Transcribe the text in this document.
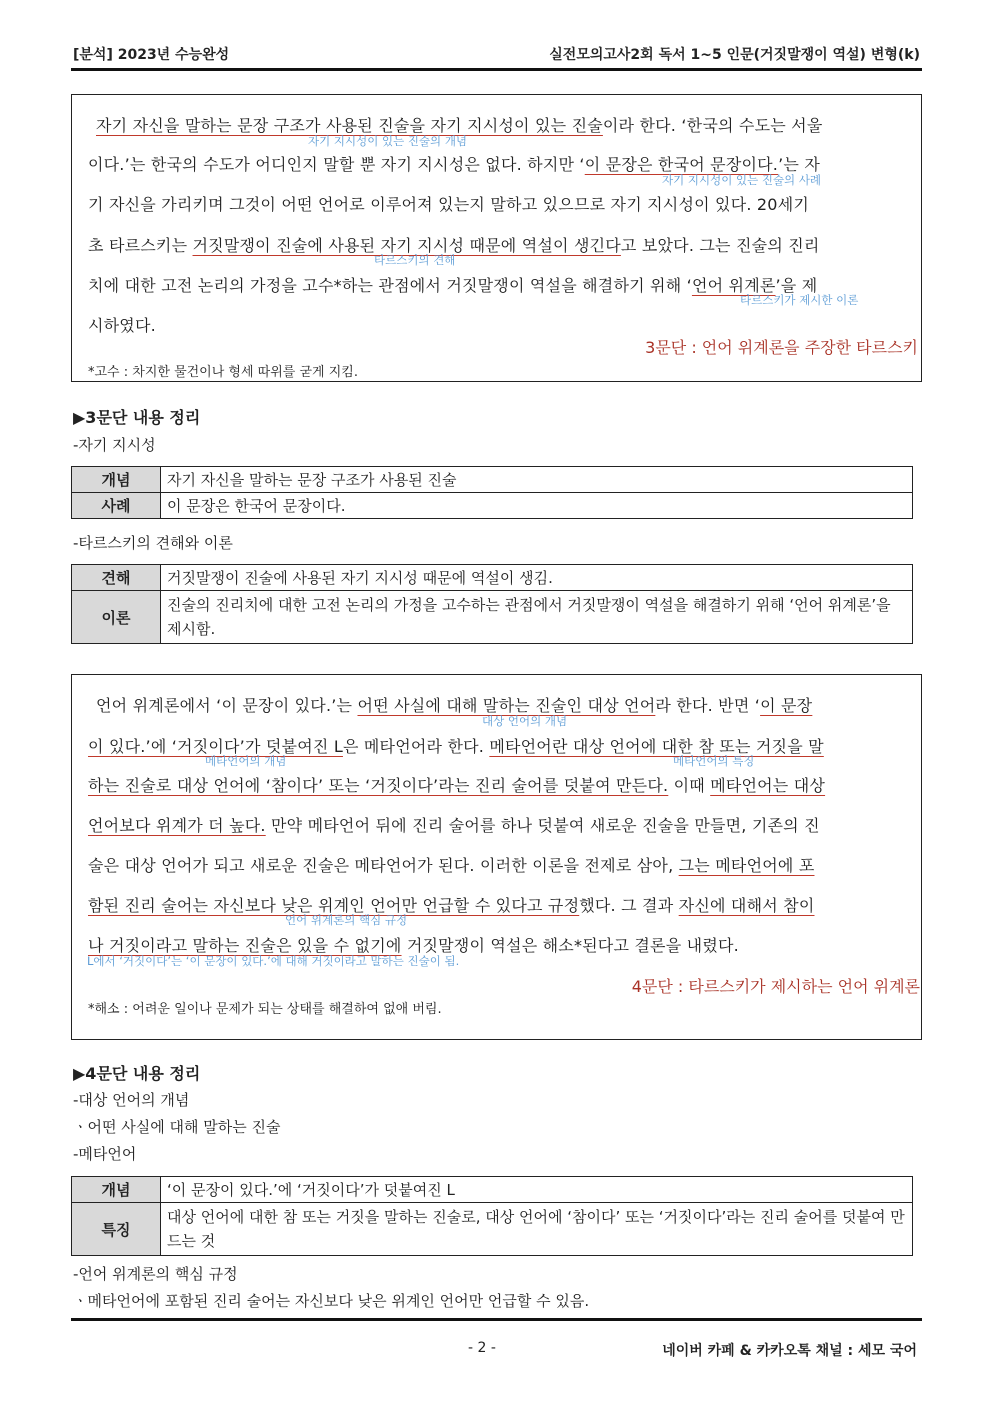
[분석] 2023년 수능완성	실전모의고사2회 독서 1~5 인문(거짓말쟁이 역설) 변형(k)
자기 자신을 말하는 문장 구조가 사용된 진술을 자기 지시성이 있는 진술이라 한다. ‘한국의 수도는 서울
자기 지시성이 있는 진술의 개념
이다.’는 한국의 수도가 어디인지 말할 뿐 자기 지시성은 없다. 하지만 ‘이 문장은 한국어 문장이다.’는 자
자기 지시성이 있는 진술의 사례
기 자신을 가리키며 그것이 어떤 언어로 이루어져 있는지 말하고 있으므로 자기 지시성이 있다. 20세기
초 타르스키는 거짓말쟁이 진술에 사용된 자기 지시성 때문에 역설이 생긴다고 보았다. 그는 진술의 진리
타르스키의 견해
치에 대한 고전 논리의 가정을 고수*하는 관점에서 거짓말쟁이 역설을 해결하기 위해 ‘언어 위계론’을 제
타르스키가 제시한 이론
시하였다.
3문단 : 언어 위계론을 주장한 타르스키
*고수 : 차지한 물건이나 형세 따위를 굳게 지킴.
▶3문단 내용 정리
-자기 지시성
개념	자기 자신을 말하는 문장 구조가 사용된 진술
사례	이 문장은 한국어 문장이다.
-타르스키의 견해와 이론
견해	거짓말쟁이 진술에 사용된 자기 지시성 때문에 역설이 생김.
이론	진술의 진리치에 대한 고전 논리의 가정을 고수하는 관점에서 거짓말쟁이 역설을 해결하기 위해 ‘언어 위계론’을 제시함.
언어 위계론에서 ‘이 문장이 있다.’는 어떤 사실에 대해 말하는 진술인 대상 언어라 한다. 반면 ‘이 문장
대상 언어의 개념
이 있다.’에 ‘거짓이다’가 덧붙여진 L은 메타언어라 한다. 메타언어란 대상 언어에 대한 참 또는 거짓을 말
메타언어의 개념	메타언어의 특징
하는 진술로 대상 언어에 ‘참이다’ 또는 ‘거짓이다’라는 진리 술어를 덧붙여 만든다. 이때 메타언어는 대상
언어보다 위계가 더 높다. 만약 메타언어 뒤에 진리 술어를 하나 덧붙여 새로운 진술을 만들면, 기존의 진
술은 대상 언어가 되고 새로운 진술은 메타언어가 된다. 이러한 이론을 전제로 삼아, 그는 메타언어에 포
함된 진리 술어는 자신보다 낮은 위계인 언어만 언급할 수 있다고 규정했다. 그 결과 자신에 대해서 참이
언어 위계론의 핵심 규정
나 거짓이라고 말하는 진술은 있을 수 없기에 거짓말쟁이 역설은 해소*된다고 결론을 내렸다.
L에서 ‘거짓이다’는 ‘이 문장이 있다.’에 대해 거짓이라고 말하는 진술이 됨.
4문단 : 타르스키가 제시하는 언어 위계론
*해소 : 어려운 일이나 문제가 되는 상태를 해결하여 없애 버림.
▶4문단 내용 정리
-대상 언어의 개념
ㆍ어떤 사실에 대해 말하는 진술
-메타언어
개념	‘이 문장이 있다.’에 ‘거짓이다’가 덧붙여진 L
특징	대상 언어에 대한 참 또는 거짓을 말하는 진술로, 대상 언어에 ‘참이다’ 또는 ‘거짓이다’라는 진리 술어를 덧붙여 만드는 것
-언어 위계론의 핵심 규정
ㆍ메타언어에 포함된 진리 술어는 자신보다 낮은 위계인 언어만 언급할 수 있음.
- 2 -	네이버 카페 & 카카오톡 채널 : 세모 국어
